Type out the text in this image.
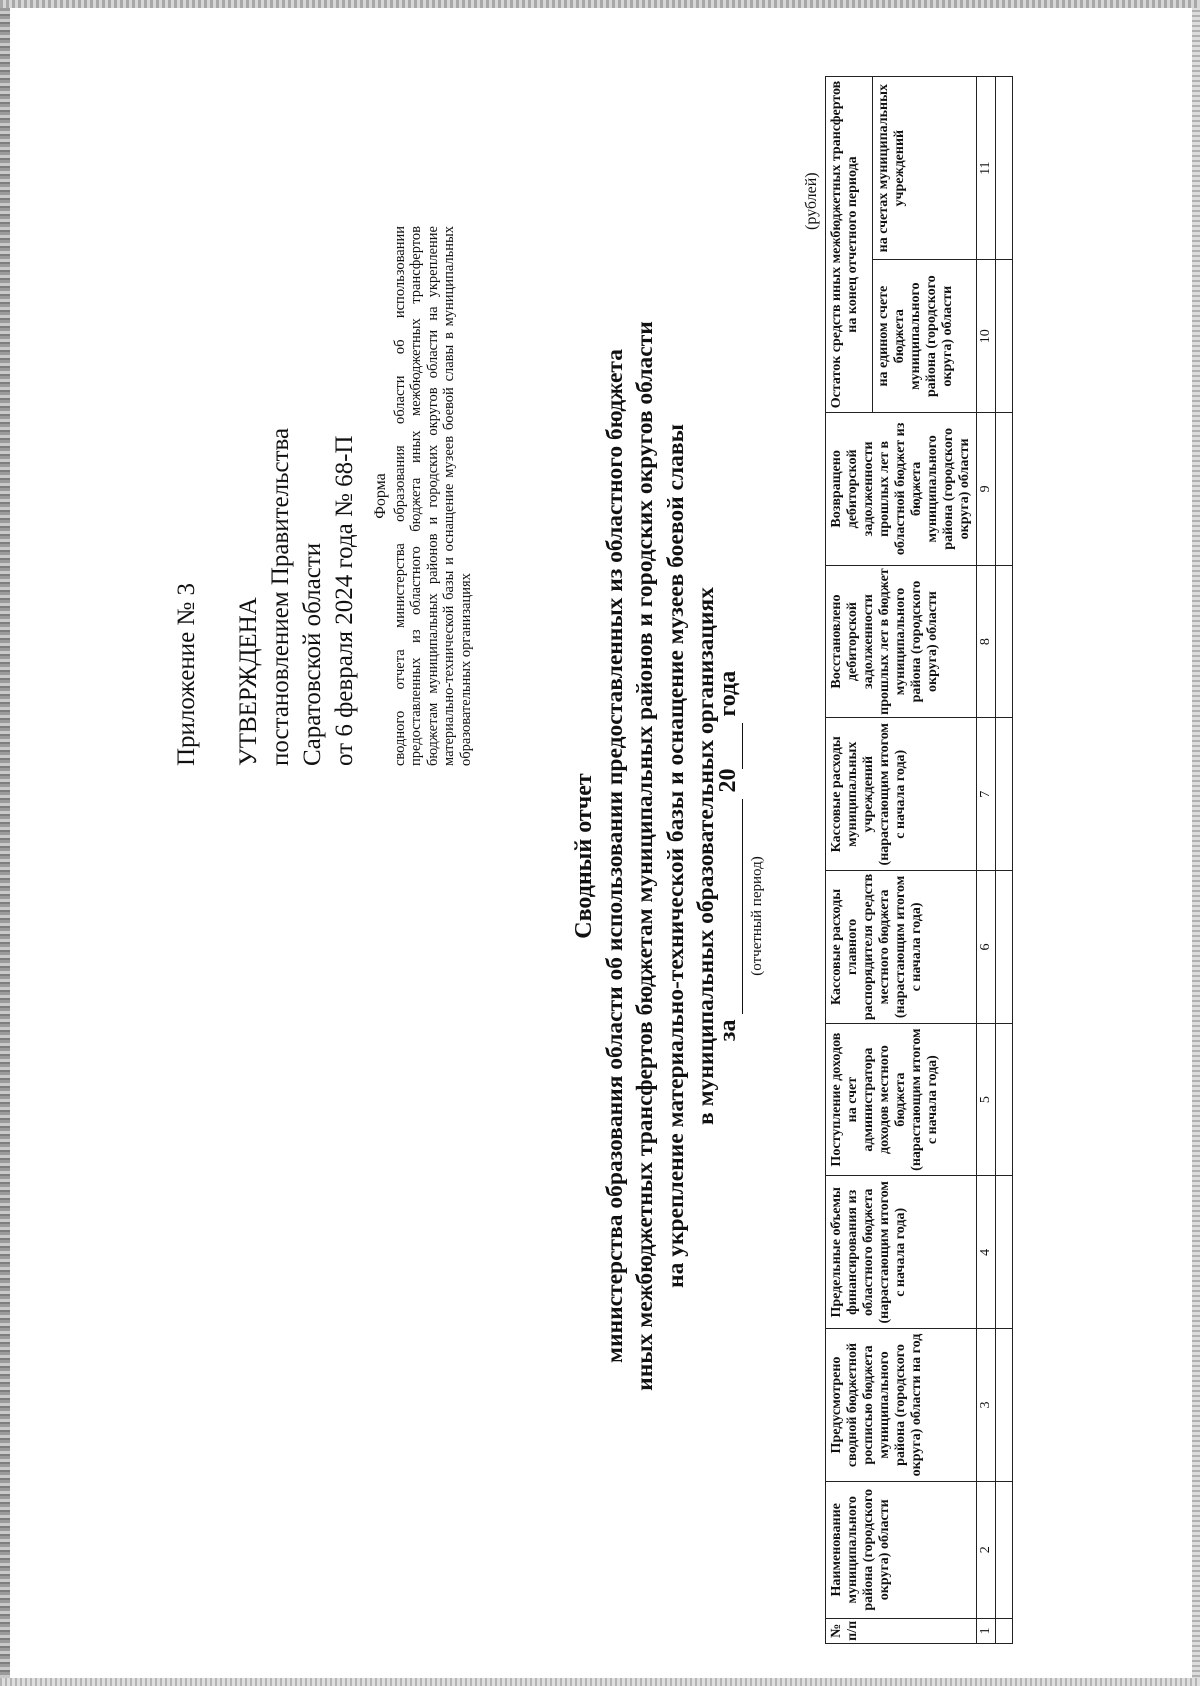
Приложение № 3 УТВЕРЖДЕНА постановлением Правительства Саратовской области от 6 февраля 2024 года № 68-П Форма сводного отчета министерства образования области об использовании предоставленных из областного бюджета иных межбюджетных трансфертов бюджетам муниципальных районов и городских округов области на укрепление материально-технической базы и оснащение музеев боевой славы в муниципальных образовательных организациях
Сводный отчет министерства образования области об использовании предоставленных из областного бюджета иных межбюджетных трансфертов бюджетам муниципальных районов и городских округов области на укрепление материально-технической базы и оснащение музеев боевой славы в муниципальных образовательных организациях
за   20  года
(отчетный период)
(рублей)
№ п/п	Наименование муниципального района (городского округа) области	Предусмотрено сводной бюджетной росписью бюджета муниципального района (городского округа) области на год	Предельные объемы финансирования из областного бюджета (нарастающим итогом с начала года)	Поступление доходов на счет администратора доходов местного бюджета (нарастающим итогом с начала года)	Кассовые расходы главного распорядителя средств местного бюджета (нарастающим итогом с начала года)	Кассовые расходы муниципальных учреждений (нарастающим итогом с начала года)	Восстановлено дебиторской задолженности прошлых лет в бюджет муниципального района (городского округа) области	Возвращено дебиторской задолженности прошлых лет в областной бюджет из бюджета муниципального района (городского округа) области	Остаток средств иных межбюджетных трансфертов на конец отчетного периода	
									на едином счете бюджета муниципального района (городского округа) области	на счетах муниципальных учреждений
1	2	3	4	5	6	7	8	9	10	11
